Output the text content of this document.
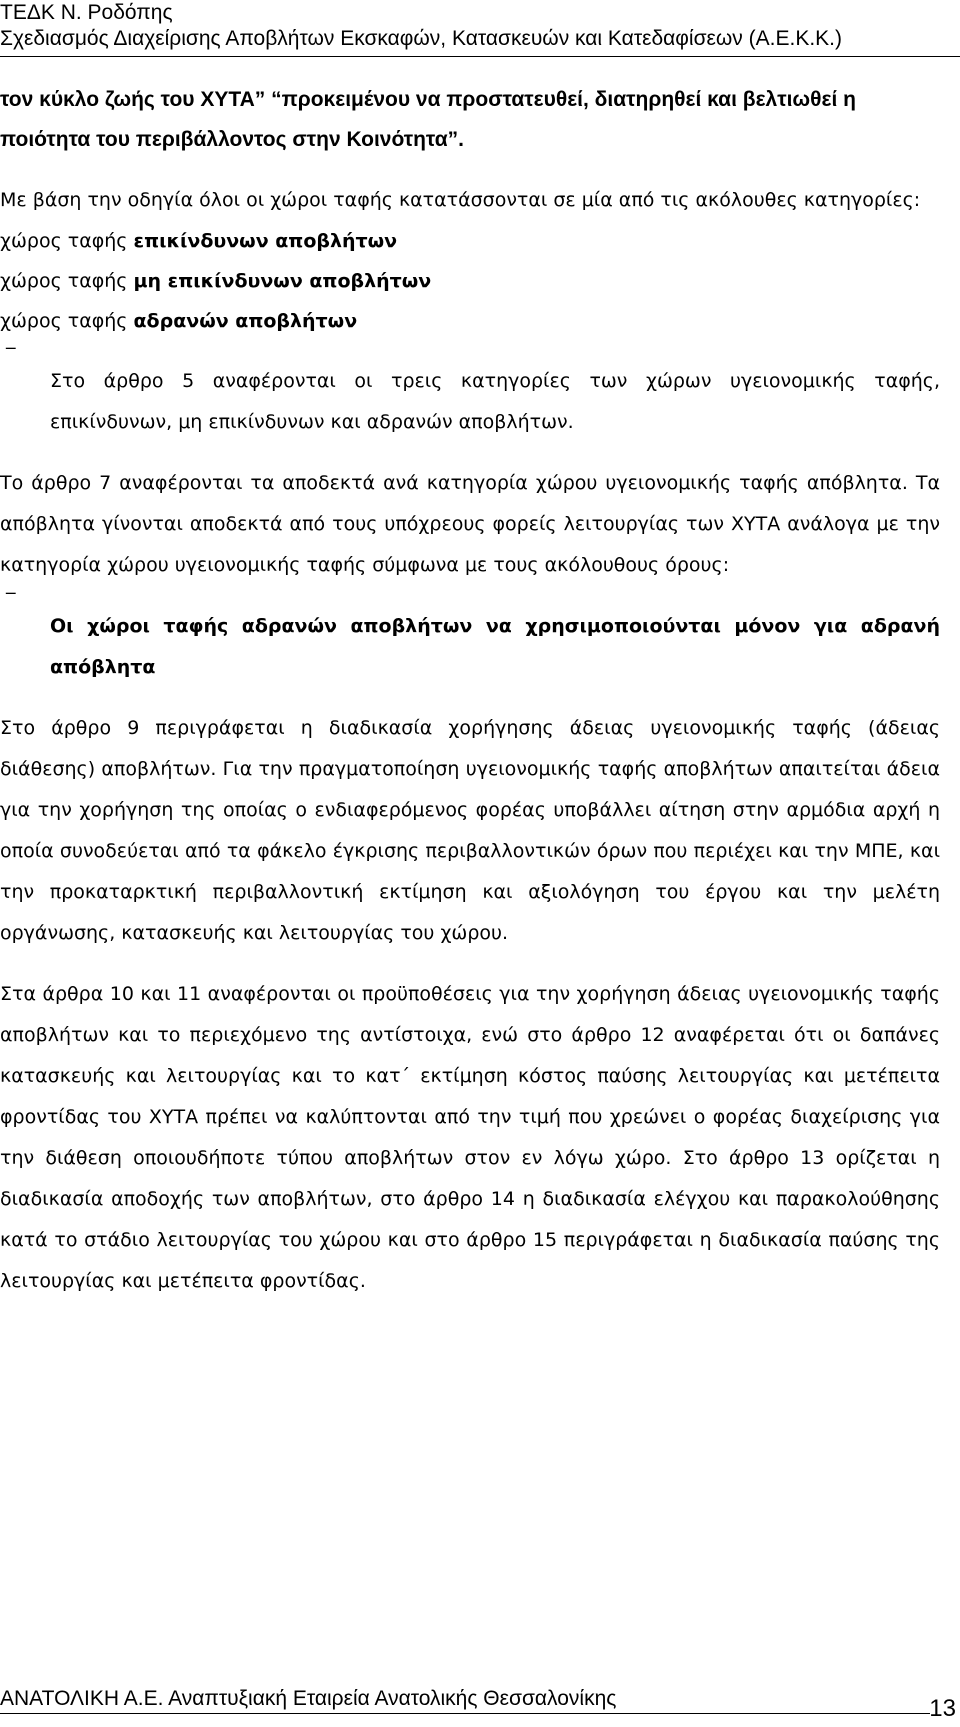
ΤΕΔΚ Ν. Ροδόπης
Σχεδιασμός Διαχείρισης Αποβλήτων Εκσκαφών, Κατασκευών και Κατεδαφίσεων (Α.Ε.Κ.Κ.)

τον κύκλο ζωής του ΧΥΤΑ” “προκειμένου να προστατευθεί, διατηρηθεί και βελτιωθεί η ποιότητα του περιβάλλοντος στην Κοινότητα”.

Με βάση την οδηγία όλοι οι χώροι ταφής κατατάσσονται σε μία από τις ακόλουθες κατηγορίες:

χώρος ταφής επικίνδυνων αποβλήτων

χώρος ταφής μη επικίνδυνων αποβλήτων

χώρος ταφής αδρανών αποβλήτων

‾

Στο άρθρο 5 αναφέρονται οι τρεις κατηγορίες των χώρων υγειονομικής ταφής, επικίνδυνων, μη επικίνδυνων και αδρανών αποβλήτων.

Το άρθρο 7 αναφέρονται τα αποδεκτά ανά κατηγορία χώρου υγειονομικής ταφής απόβλητα. Τα απόβλητα γίνονται αποδεκτά από τους υπόχρεους φορείς λειτουργίας των ΧΥΤΑ ανάλογα με την κατηγορία χώρου υγειονομικής ταφής σύμφωνα με τους ακόλουθους όρους:

‾

Οι χώροι ταφής αδρανών αποβλήτων να χρησιμοποιούνται μόνον για αδρανή απόβλητα

Στο άρθρο 9 περιγράφεται η διαδικασία χορήγησης άδειας υγειονομικής ταφής (άδειας διάθεσης) αποβλήτων. Για την πραγματοποίηση υγειονομικής ταφής αποβλήτων απαιτείται άδεια για την χορήγηση της οποίας ο ενδιαφερόμενος φορέας υποβάλλει αίτηση στην αρμόδια αρχή η οποία συνοδεύεται από τα φάκελο έγκρισης περιβαλλοντικών όρων που περιέχει και την ΜΠΕ, και την προκαταρκτική περιβαλλοντική εκτίμηση και αξιολόγηση του έργου και την μελέτη οργάνωσης, κατασκευής και λειτουργίας του χώρου.

Στα άρθρα 10 και 11 αναφέρονται οι προϋποθέσεις για την χορήγηση άδειας υγειονομικής ταφής αποβλήτων και το περιεχόμενο της αντίστοιχα, ενώ στο άρθρο 12 αναφέρεται ότι οι δαπάνες κατασκευής και λειτουργίας και το κατ΄ εκτίμηση κόστος παύσης λειτουργίας και μετέπειτα φροντίδας του ΧΥΤΑ πρέπει να καλύπτονται από την τιμή που χρεώνει ο φορέας διαχείρισης για την διάθεση οποιουδήποτε τύπου αποβλήτων στον εν λόγω χώρο. Στο άρθρο 13 ορίζεται η διαδικασία αποδοχής των αποβλήτων, στο άρθρο 14 η διαδικασία ελέγχου και παρακολούθησης κατά το στάδιο λειτουργίας του χώρου και στο άρθρο 15 περιγράφεται η διαδικασία παύσης της λειτουργίας και μετέπειτα φροντίδας.

ΑΝΑΤΟΛΙΚΗ Α.Ε. Αναπτυξιακή Εταιρεία Ανατολικής Θεσσαλονίκης	13
